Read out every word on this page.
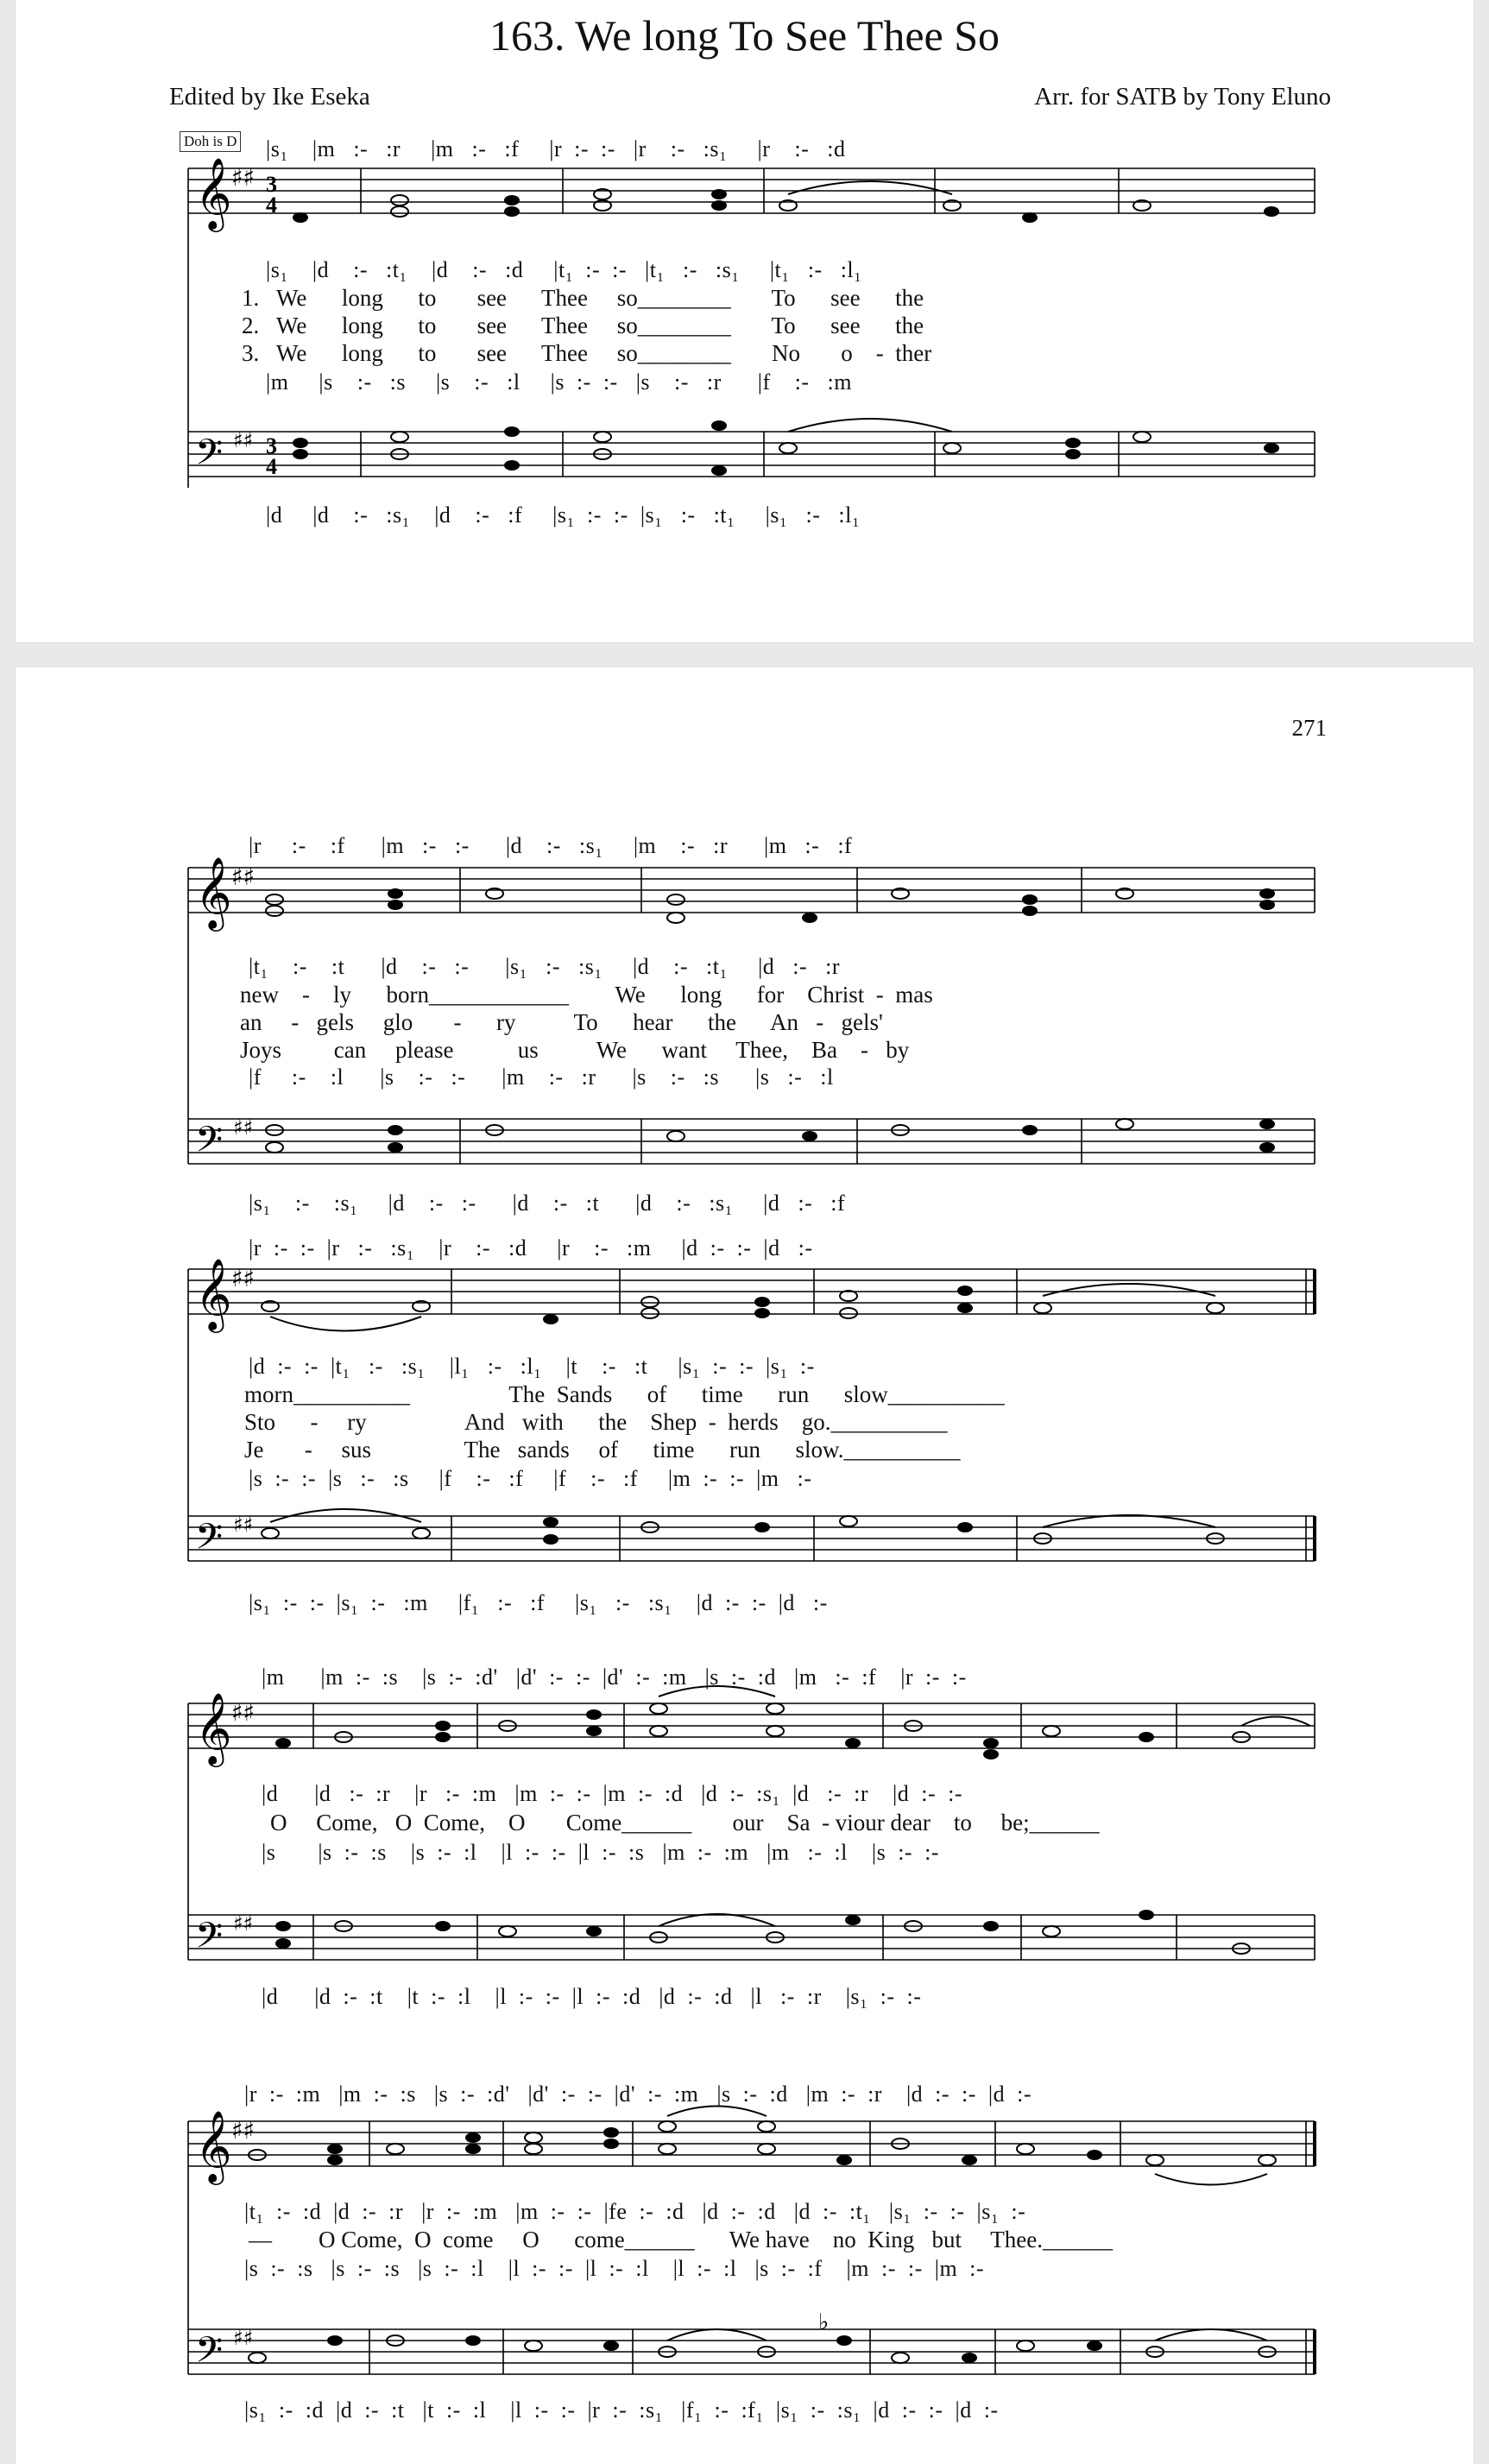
163. We long To See Thee So
Edited by Ike Eseka	Arr. for SATB by Tony Eluno
Doh is D |s₁    |m   :-   :r     |m   :-   :f     |r  :-  :-   |r    :-   :s₁     |r    :-   :d
𝄞 ♯♯ 3
4
𝄢 ♯♯ 3
4
|s₁    |d    :-   :t₁    |d    :-   :d     |t₁  :-  :-   |t₁   :-   :s₁     |t₁   :-   :l₁
1.   We      long      to       see      Thee     so________       To      see      the
2.   We      long      to       see      Thee     so________       To      see      the
3.   We      long      to       see      Thee     so________       No       o    -  ther
|m     |s    :-   :s     |s    :-   :l     |s  :-  :-   |s    :-   :r      |f    :-   :m
|d     |d    :-   :s₁    |d    :-   :f     |s₁  :-  :-  |s₁   :-   :t₁     |s₁   :-   :l₁
271
|r     :-    :f      |m   :-   :-      |d    :-   :s₁     |m    :-   :r      |m   :-   :f
𝄞 ♯♯
𝄢 ♯♯
𝄞 ♯♯
𝄢 ♯♯
𝄞 ♯♯
𝄢 ♯♯
𝄞 ♯♯
𝄢 ♯♯
♭
|t₁    :-    :t      |d    :-   :-      |s₁   :-   :s₁     |d    :-   :t₁     |d   :-   :r
new    -    ly      born____________        We      long      for    Christ  -  mas
an     -   gels     glo       -      ry          To      hear      the      An   -   gels'
Joys         can     please           us          We      want     Thee,    Ba    -   by
|f     :-    :l      |s    :-   :-      |m    :-   :r      |s    :-   :s      |s   :-   :l
|s₁    :-    :s₁     |d    :-   :-      |d    :-   :t      |d    :-   :s₁     |d   :-   :f
|r  :-  :-  |r   :-   :s₁    |r    :-   :d     |r    :-   :m     |d  :-  :-  |d   :-
|d  :-  :-  |t₁   :-   :s₁    |l₁   :-   :l₁    |t    :-   :t     |s₁  :-  :-  |s₁  :-
morn__________                 The  Sands      of      time      run      slow__________
Sto      -     ry                 And   with      the    Shep  -  herds    go.__________
Je       -     sus                The   sands     of      time      run      slow.__________
|s  :-  :-  |s   :-   :s     |f    :-   :f     |f    :-   :f     |m  :-  :-  |m   :-
|s₁  :-  :-  |s₁  :-   :m     |f₁   :-   :f     |s₁   :-   :s₁    |d  :-  :-  |d   :-
|m      |m  :-  :s    |s  :-  :d'   |d'  :-  :-  |d'  :-  :m   |s  :-  :d   |m   :-  :f    |r  :-  :-
|d      |d   :-  :r    |r   :-  :m   |m  :-  :-  |m  :-  :d   |d  :-  :s₁  |d   :-  :r    |d  :-  :-
O     Come,   O  Come,    O       Come______       our    Sa  - viour dear    to     be;______
|s       |s  :-  :s    |s  :-  :l    |l  :-  :-  |l  :-  :s   |m  :-  :m   |m   :-  :l    |s  :-  :-
|d      |d  :-  :t    |t  :-  :l    |l  :-  :-  |l  :-  :d   |d  :-  :d   |l   :-  :r    |s₁  :-  :-
|r  :-  :m   |m  :-  :s   |s  :-  :d'   |d'  :-  :-  |d'  :-  :m   |s  :-  :d   |m  :-  :r    |d  :-  :-  |d  :-
|t₁  :-  :d  |d  :-  :r   |r  :-  :m   |m  :-  :-  |fe  :-  :d   |d  :-  :d   |d  :-  :t₁   |s₁  :-  :-  |s₁  :-
—        O Come,  O  come     O      come______      We have    no  King   but     Thee.______
|s  :-  :s   |s  :-  :s   |s  :-  :l    |l  :-  :-  |l  :-  :l    |l  :-  :l   |s  :-  :f    |m  :-  :-  |m  :-
|s₁  :-  :d  |d  :-  :t   |t  :-  :l    |l  :-  :-  |r  :-  :s₁   |f₁  :-  :f₁  |s₁  :-  :s₁  |d  :-  :-  |d  :-
